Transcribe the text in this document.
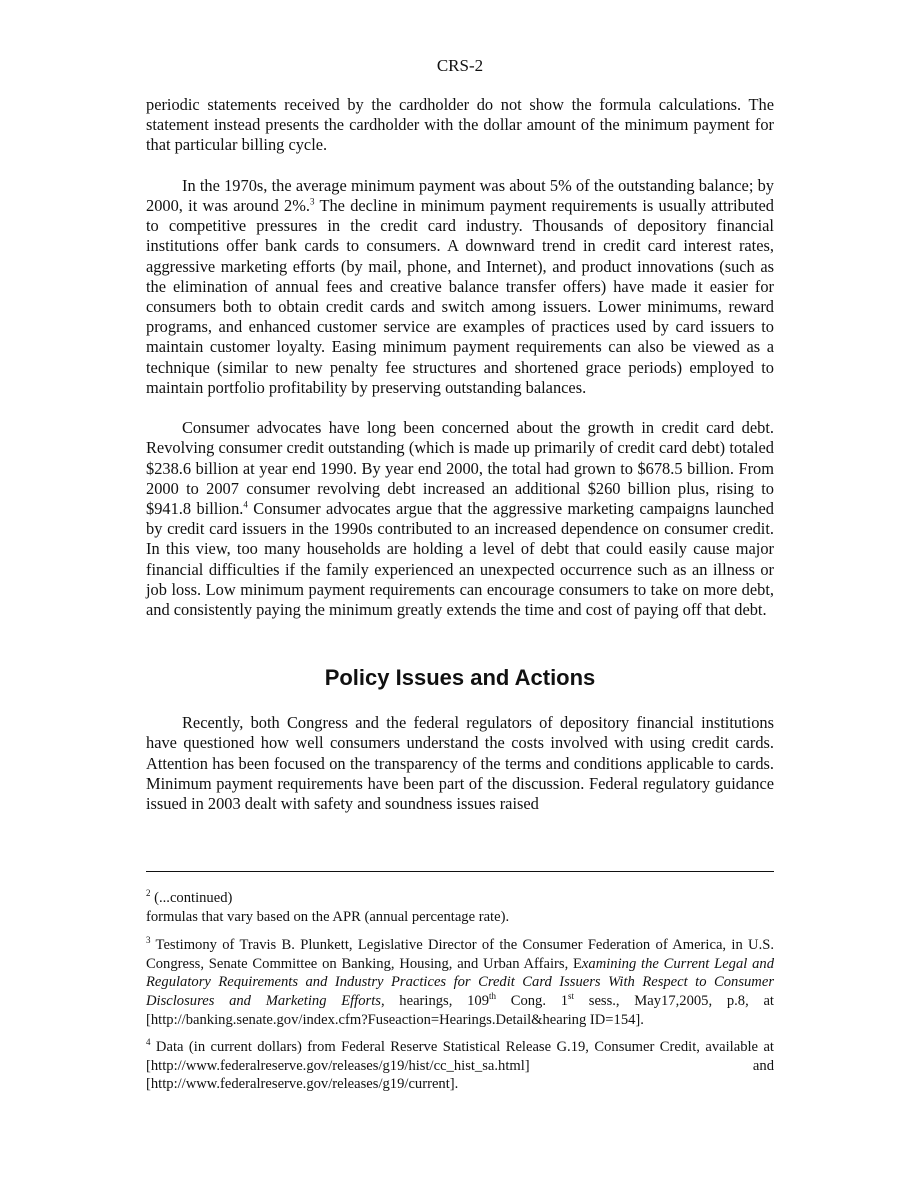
CRS-2

periodic statements received by the cardholder do not show the formula calculations. The statement instead presents the cardholder with the dollar amount of the minimum payment for that particular billing cycle.

In the 1970s, the average minimum payment was about 5% of the outstanding balance; by 2000, it was around 2%.$^3$ The decline in minimum payment requirements is usually attributed to competitive pressures in the credit card industry. Thousands of depository financial institutions offer bank cards to consumers. A downward trend in credit card interest rates, aggressive marketing efforts (by mail, phone, and Internet), and product innovations (such as the elimination of annual fees and creative balance transfer offers) have made it easier for consumers both to obtain credit cards and switch among issuers. Lower minimums, reward programs, and enhanced customer service are examples of practices used by card issuers to maintain customer loyalty. Easing minimum payment requirements can also be viewed as a technique (similar to new penalty fee structures and shortened grace periods) employed to maintain portfolio profitability by preserving outstanding balances.

Consumer advocates have long been concerned about the growth in credit card debt. Revolving consumer credit outstanding (which is made up primarily of credit card debt) totaled $238.6 billion at year end 1990. By year end 2000, the total had grown to $678.5 billion. From 2000 to 2007 consumer revolving debt increased an additional $260 billion plus, rising to $941.8 billion.$^4$ Consumer advocates argue that the aggressive marketing campaigns launched by credit card issuers in the 1990s contributed to an increased dependence on consumer credit. In this view, too many households are holding a level of debt that could easily cause major financial difficulties if the family experienced an unexpected occurrence such as an illness or job loss. Low minimum payment requirements can encourage consumers to take on more debt, and consistently paying the minimum greatly extends the time and cost of paying off that debt.

Policy Issues and Actions

Recently, both Congress and the federal regulators of depository financial institutions have questioned how well consumers understand the costs involved with using credit cards. Attention has been focused on the transparency of the terms and conditions applicable to cards. Minimum payment requirements have been part of the discussion. Federal regulatory guidance issued in 2003 dealt with safety and soundness issues raised

$^2$ (...continued)
formulas that vary based on the APR (annual percentage rate).
$^3$ Testimony of Travis B. Plunkett, Legislative Director of the Consumer Federation of America, in U.S. Congress, Senate Committee on Banking, Housing, and Urban Affairs, Examining the Current Legal and Regulatory Requirements and Industry Practices for Credit Card Issuers With Respect to Consumer Disclosures and Marketing Efforts, hearings, 109th Cong. 1st sess., May17,2005, p.8, at [http://banking.senate.gov/index.cfm?Fuseaction=Hearings.Detail&hearing ID=154].
$^4$ Data (in current dollars) from Federal Reserve Statistical Release G.19, Consumer Credit, available at [http://www.federalreserve.gov/releases/g19/hist/cc_hist_sa.html] and [http://www.federalreserve.gov/releases/g19/current].
